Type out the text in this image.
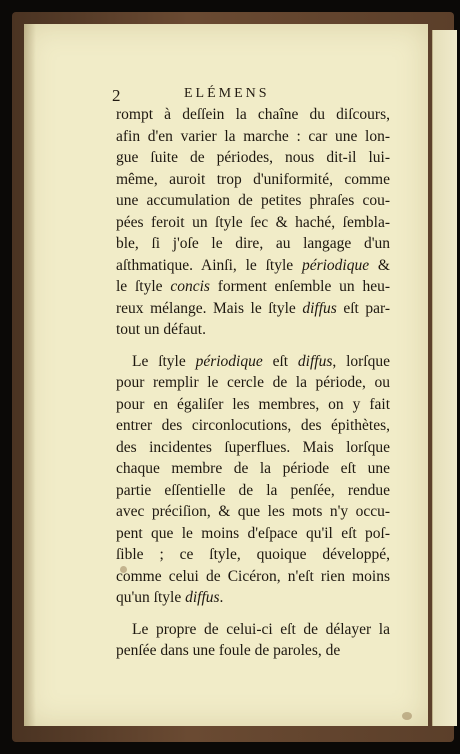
2	ELÉMENS
rompt à deſſein la chaîne du diſcours,
afin d'en varier la marche : car une lon-
gue ſuite de périodes, nous dit-il lui-
même, auroit trop d'uniformité, comme
une accumulation de petites phraſes cou-
pées feroit un ſtyle ſec & haché, ſembla-
ble, ſi j'oſe le dire, au langage d'un
aſthmatique. Ainſi, le ſtyle périodique &
le ſtyle concis forment enſemble un heu-
reux mélange. Mais le ſtyle diffus eſt par-
tout un défaut.
Le ſtyle périodique eſt diffus, lorſque
pour remplir le cercle de la période, ou
pour en égaliſer les membres, on y fait
entrer des circonlocutions, des épithètes,
des incidentes ſuperflues. Mais lorſque
chaque membre de la période eſt une
partie eſſentielle de la penſée, rendue
avec préciſion, & que les mots n'y occu-
pent que le moins d'eſpace qu'il eſt poſ-
ſible ; ce ſtyle, quoique développé,
comme celui de Cicéron, n'eſt rien moins
qu'un ſtyle diffus.
Le propre de celui-ci eſt de délayer la
penſée dans une foule de paroles, de
